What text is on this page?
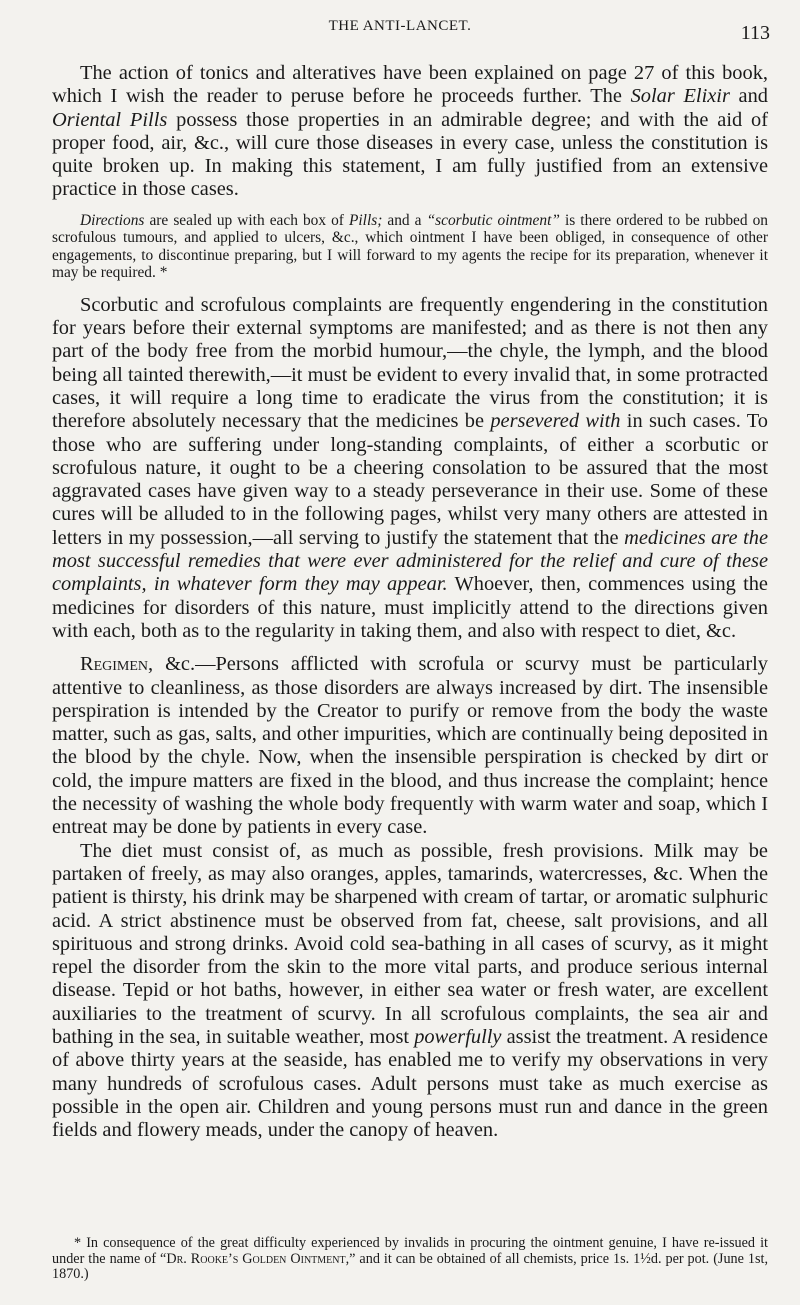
THE ANTI-LANCET.	113

The action of tonics and alteratives have been explained on page 27 of this book, which I wish the reader to peruse before he proceeds further. The Solar Elixir and Oriental Pills possess those properties in an admirable degree; and with the aid of proper food, air, &c., will cure those diseases in every case, unless the constitution is quite broken up. In making this statement, I am fully justified from an extensive practice in those cases.

Directions are sealed up with each box of Pills; and a “scorbutic ointment” is there ordered to be rubbed on scrofulous tumours, and applied to ulcers, &c., which ointment I have been obliged, in consequence of other engagements, to discontinue preparing, but I will forward to my agents the recipe for its preparation, whenever it may be required. *

Scorbutic and scrofulous complaints are frequently engendering in the constitution for years before their external symptoms are manifested; and as there is not then any part of the body free from the morbid humour,—the chyle, the lymph, and the blood being all tainted therewith,—it must be evident to every invalid that, in some protracted cases, it will require a long time to eradicate the virus from the constitution; it is therefore absolutely necessary that the medicines be persevered with in such cases. To those who are suffering under long-standing complaints, of either a scorbutic or scrofulous nature, it ought to be a cheering consolation to be assured that the most aggravated cases have given way to a steady perseverance in their use. Some of these cures will be alluded to in the following pages, whilst very many others are attested in letters in my possession,—all serving to justify the statement that the medicines are the most successful remedies that were ever administered for the relief and cure of these complaints, in whatever form they may appear. Whoever, then, commences using the medicines for disorders of this nature, must implicitly attend to the directions given with each, both as to the regularity in taking them, and also with respect to diet, &c.

Regimen, &c.—Persons afflicted with scrofula or scurvy must be particularly attentive to cleanliness, as those disorders are always increased by dirt. The insensible perspiration is intended by the Creator to purify or remove from the body the waste matter, such as gas, salts, and other impurities, which are continually being deposited in the blood by the chyle. Now, when the insensible perspiration is checked by dirt or cold, the impure matters are fixed in the blood, and thus increase the complaint; hence the necessity of washing the whole body frequently with warm water and soap, which I entreat may be done by patients in every case.

The diet must consist of, as much as possible, fresh provisions. Milk may be partaken of freely, as may also oranges, apples, tamarinds, watercresses, &c. When the patient is thirsty, his drink may be sharpened with cream of tartar, or aromatic sulphuric acid. A strict abstinence must be observed from fat, cheese, salt provisions, and all spirituous and strong drinks. Avoid cold sea-bathing in all cases of scurvy, as it might repel the disorder from the skin to the more vital parts, and produce serious internal disease. Tepid or hot baths, however, in either sea water or fresh water, are excellent auxiliaries to the treatment of scurvy. In all scrofulous complaints, the sea air and bathing in the sea, in suitable weather, most powerfully assist the treatment. A residence of above thirty years at the seaside, has enabled me to verify my observations in very many hundreds of scrofulous cases. Adult persons must take as much exercise as possible in the open air. Children and young persons must run and dance in the green fields and flowery meads, under the canopy of heaven.

* In consequence of the great difficulty experienced by invalids in procuring the ointment genuine, I have re-issued it under the name of “Dr. Rooke’s Golden Ointment,” and it can be obtained of all chemists, price 1s. 1½d. per pot. (June 1st, 1870.)
